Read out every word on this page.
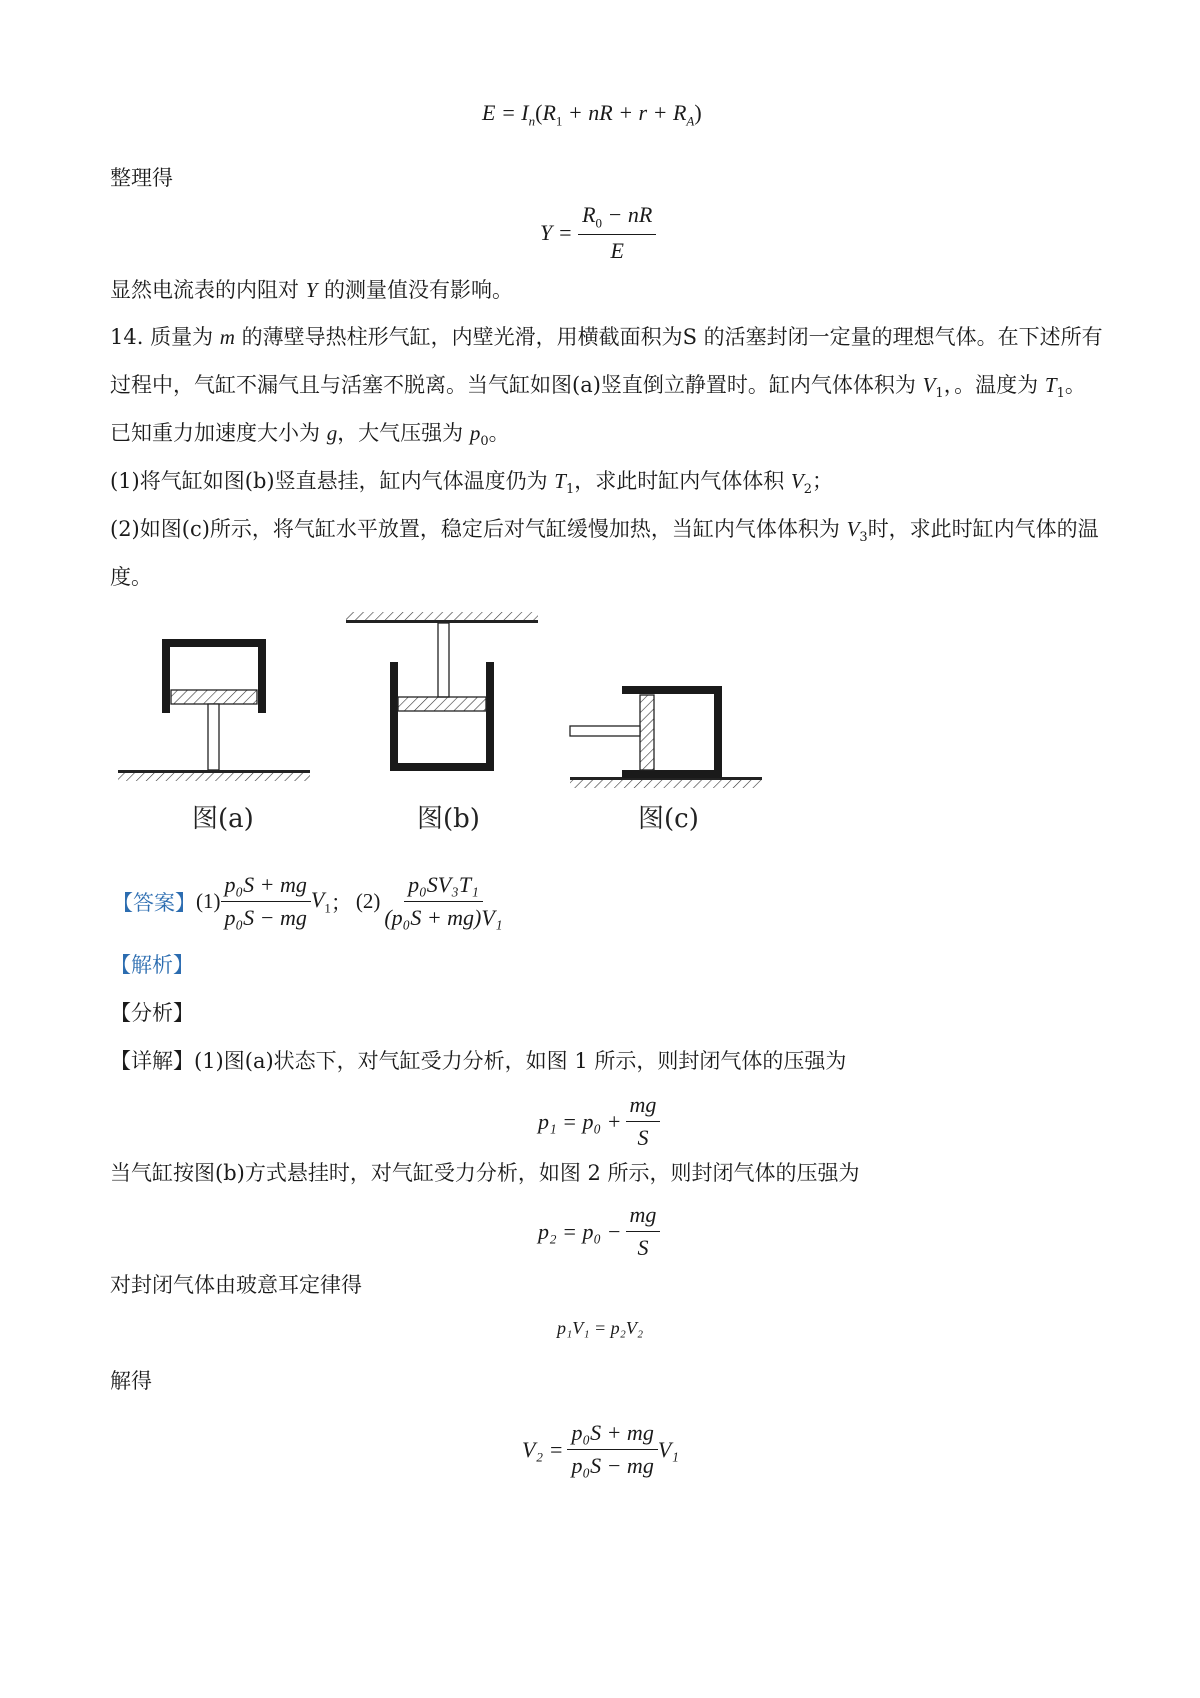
$E = I_n(R_1$ + nR + $r + R_A$)
整理得
$Y = \frac{R_0 - nR}{E}$
显然电流表的内阻对 Y 的测量值没有影响。
14. 质量为 m 的薄壁导热柱形气缸，内壁光滑，用横截面积为S 的活塞封闭一定量的理想气体。在下述所有
过程中，气缸不漏气且与活塞不脱离。当气缸如图(a)竖直倒立静置时。缸内气体体积为 $V_1$，。温度为 $T_1$。
已知重力加速度大小为 g，大气压强为 $p_0$。
(1)将气缸如图(b)竖直悬挂，缸内气体温度仍为 $T_1$，求此时缸内气体体积 $V_2$；
(2)如图(c)所示，将气缸水平放置，稳定后对气缸缓慢加热，当缸内气体体积为 $V_3$时，求此时缸内气体的温
度。
图(a)	图(b)	图(c)
【答案】 $(1) \frac{\text{p₀S + mg}}{\text{p₀S − mg}} V_1$ ； $(2) \frac{\text{p₀SV₃T₁}}{\text{(p₀S + mg)V₁}}$
【解析】
【分析】
【详解】(1)图(a)状态下，对气缸受力分析，如图 1 所示，则封闭气体的压强为
$p_1 = p_0 + \frac{mg}{S}$
当气缸按图(b)方式悬挂时，对气缸受力分析，如图 2 所示，则封闭气体的压强为
$p_2 = p_0 - \frac{mg}{S}$
对封闭气体由玻意耳定律得
p₁V₁ = p₂V₂
解得
$V_2 = \frac{\text{p₀S + mg}}{\text{p₀S − mg}} V_1$
